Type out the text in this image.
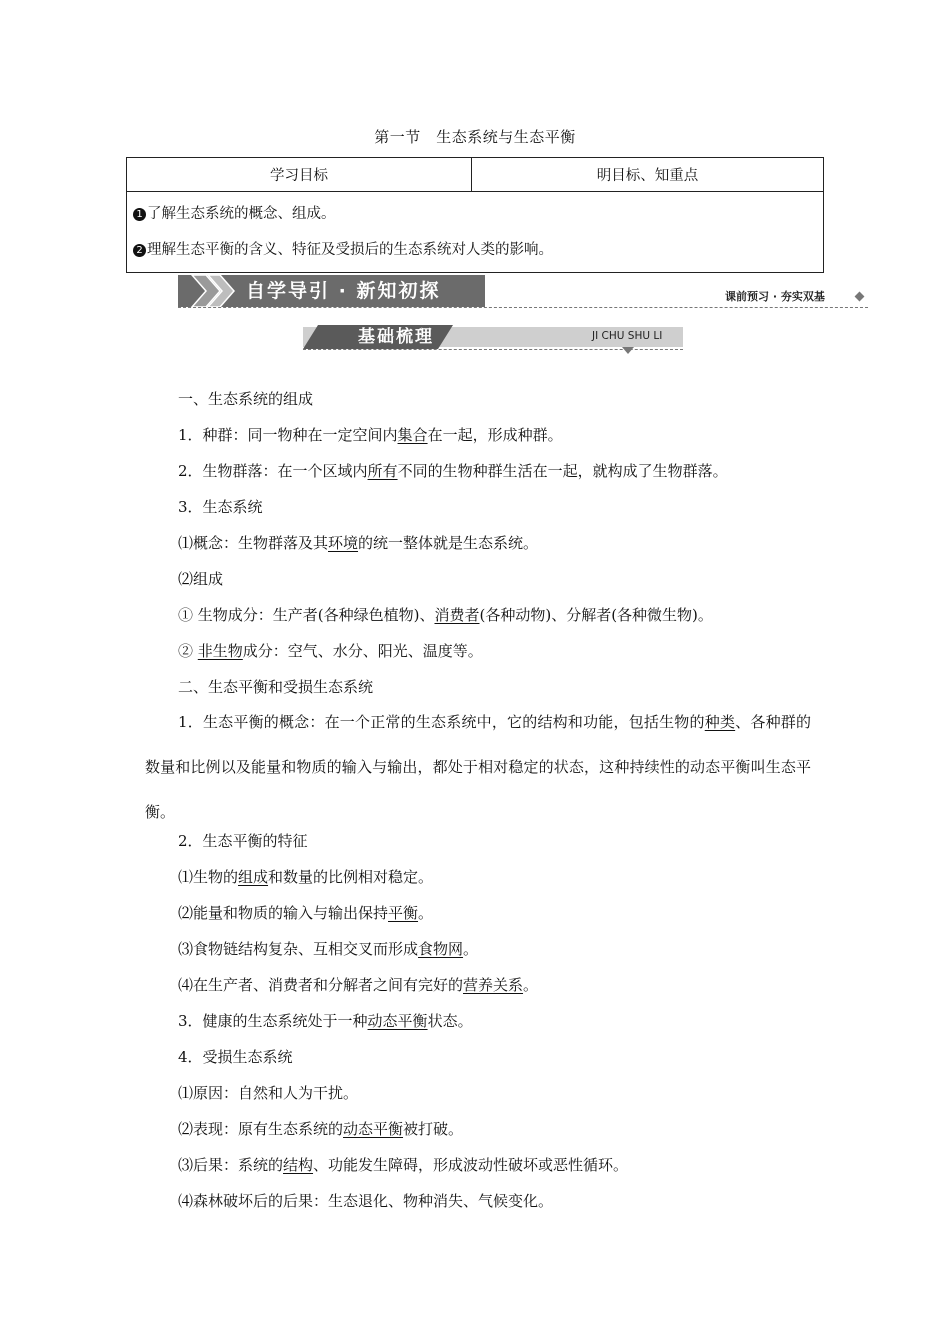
第一节　生态系统与生态平衡
学习目标	明目标、知重点

1 了解生态系统的概念、组成。
2 理解生态平衡的含义、特征及受损后的生态系统对人类的影响。
自学导引 · 新知初探	课前预习 · 夯实双基
基础梳理	JI CHU SHU LI
一、生态系统的组成
1．种群：同一物种在一定空间内集合在一起，形成种群。
2．生物群落：在一个区域内所有不同的生物种群生活在一起，就构成了生物群落。
3．生态系统
⑴概念：生物群落及其环境的统一整体就是生态系统。
⑵组成
① 生物成分：生产者(各种绿色植物)、消费者(各种动物)、分解者(各种微生物)。
② 非生物成分：空气、水分、阳光、温度等。
二、生态平衡和受损生态系统
1．生态平衡的概念：在一个正常的生态系统中，它的结构和功能，包括生物的种类、各种群的数量和比例以及能量和物质的输入与输出，都处于相对稳定的状态，这种持续性的动态平衡叫生态平衡。
2．生态平衡的特征
⑴生物的组成和数量的比例相对稳定。
⑵能量和物质的输入与输出保持平衡。
⑶食物链结构复杂、互相交叉而形成食物网。
⑷在生产者、消费者和分解者之间有完好的营养关系。
3．健康的生态系统处于一种动态平衡状态。
4．受损生态系统
⑴原因：自然和人为干扰。
⑵表现：原有生态系统的动态平衡被打破。
⑶后果：系统的结构、功能发生障碍，形成波动性破坏或恶性循环。
⑷森林破坏后的后果：生态退化、物种消失、气候变化。
